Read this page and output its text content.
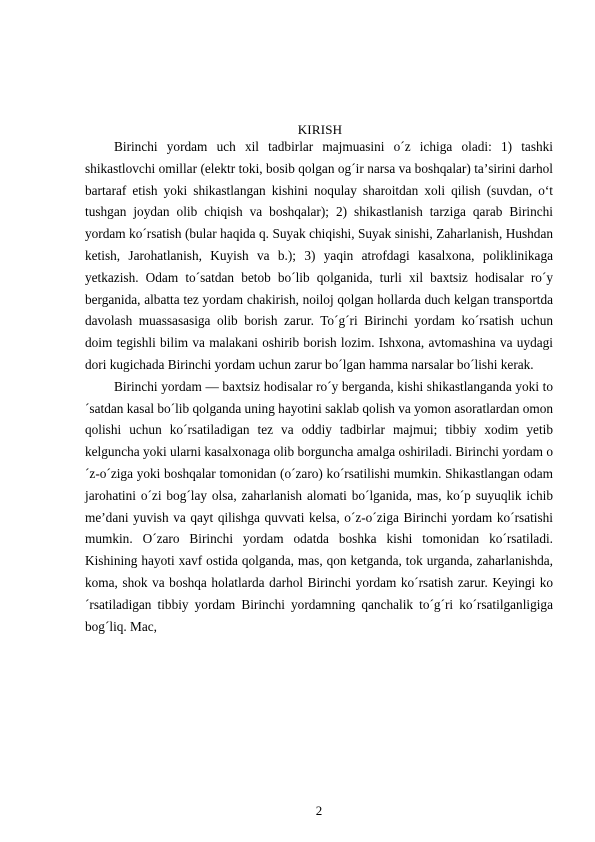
KIRISH

Birinchi yordam uch xil tadbirlar majmuasini o´z ichiga oladi: 1) tashki shikastlovchi omillar (elektr toki, bosib qolgan og´ir narsa va boshqalar) taʼsirini darhol bartaraf etish yoki shikastlangan kishini noqulay sharoitdan xoli qilish (suvdan, oʻt tushgan joydan olib chiqish va boshqalar); 2) shikastlanish tarziga qarab Birinchi yordam ko´rsatish (bular haqida q. Suyak chiqishi, Suyak sinishi, Zaharlanish, Hushdan ketish, Jarohatlanish, Kuyish va b.); 3) yaqin atrofdagi kasalxona, poliklinikaga yetkazish. Odam to´satdan betob bo´lib qolganida, turli xil baxtsiz hodisalar ro´y berganida, albatta tez yordam chakirish, noiloj qolgan hollarda duch kelgan transportda davolash muassasasiga olib borish zarur. To´g´ri Birinchi yordam ko´rsatish uchun doim tegishli bilim va malakani oshirib borish lozim. Ishxona, avtomashina va uydagi dori kugichada Birinchi yordam uchun zarur bo´lgan hamma narsalar bo´lishi kerak.

Birinchi yordam — baxtsiz hodisalar ro´y berganda, kishi shikastlanganda yoki to´satdan kasal bo´lib qolganda uning hayotini saklab qolish va yomon asoratlardan omon qolishi uchun ko´rsatiladigan tez va oddiy tadbirlar majmui; tibbiy xodim yetib kelguncha yoki ularni kasalxonaga olib borguncha amalga oshiriladi. Birinchi yordam o´z-o´ziga yoki boshqalar tomonidan (o´zaro) ko´rsatilishi mumkin. Shikastlangan odam jarohatini o´zi bog´lay olsa, zaharlanish alomati bo´lganida, mas, ko´p suyuqlik ichib meʼdani yuvish va qayt qilishga quvvati kelsa, o´z-o´ziga Birinchi yordam ko´rsatishi mumkin. O´zaro Birinchi yordam odatda boshka kishi tomonidan ko´rsatiladi. Kishining hayoti xavf ostida qolganda, mas, qon ketganda, tok urganda, zaharlanishda, koma, shok va boshqa holatlarda darhol Birinchi yordam ko´rsatish zarur. Keyingi ko´rsatiladigan tibbiy yordam Birinchi yordamning qanchalik to´g´ri ko´rsatilganligiga bog´liq. Mac,

2
